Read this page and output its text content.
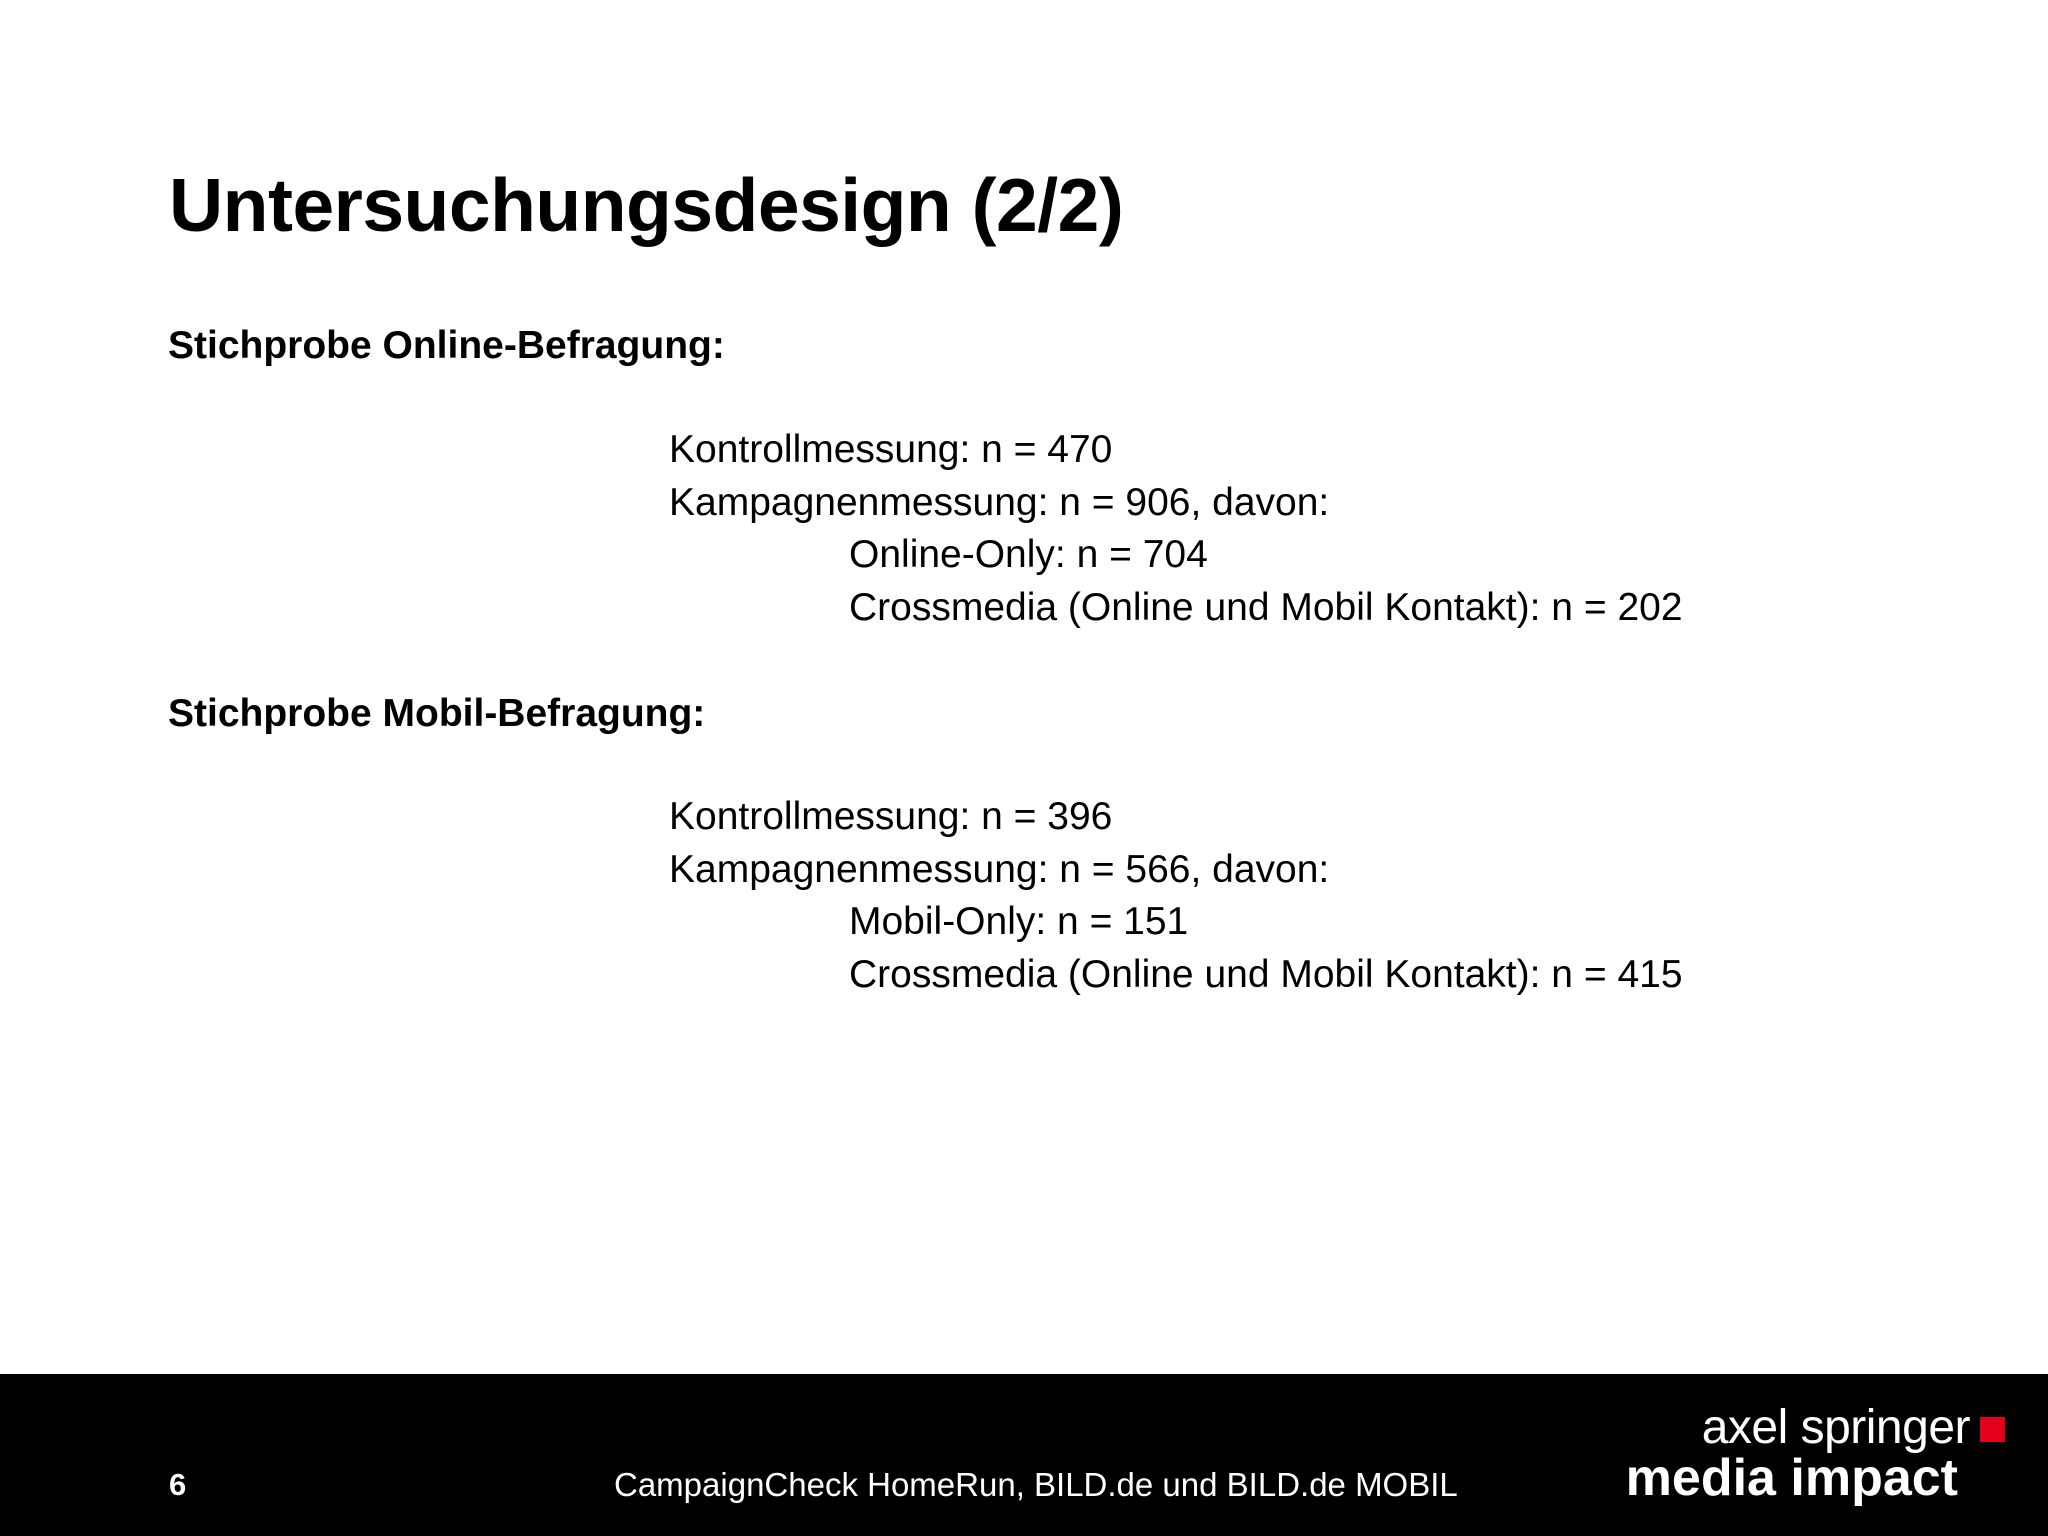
Untersuchungsdesign (2/2)
Stichprobe Online-Befragung:
Kontrollmessung: n = 470
Kampagnenmessung: n = 906, davon:
Online-Only: n = 704
Crossmedia (Online und Mobil Kontakt): n = 202
Stichprobe Mobil-Befragung:
Kontrollmessung: n = 396
Kampagnenmessung: n = 566, davon:
Mobil-Only: n = 151
Crossmedia (Online und Mobil Kontakt): n = 415
6	CampaignCheck HomeRun, BILD.de und BILD.de MOBIL
axel springer
media impact
